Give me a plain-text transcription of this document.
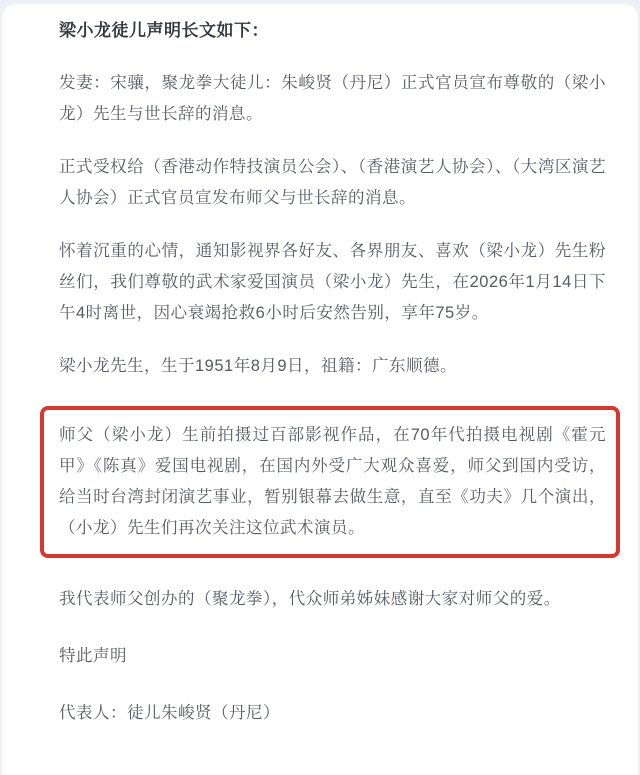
梁小龙徒儿声明长文如下：

发妻：宋骧，聚龙拳大徒儿：朱峻贤（丹尼）正式官员宣布尊敬的（梁小龙）先生与世长辞的消息。

正式受权给（香港动作特技演员公会）、（香港演艺人协会）、（大湾区演艺人协会）正式官员宣发布师父与世长辞的消息。

怀着沉重的心情，通知影视界各好友、各界朋友、喜欢（梁小龙）先生粉丝们，我们尊敬的武术家爱国演员（梁小龙）先生，在2026年1月14日下午4时离世，因心衰竭抢救6小时后安然告别，享年75岁。

梁小龙先生，生于1951年8月9日，祖籍：广东顺德。

师父（梁小龙）生前拍摄过百部影视作品，在70年代拍摄电视剧《霍元甲》《陈真》爱国电视剧，在国内外受广大观众喜爱，师父到国内受访，给当时台湾封闭演艺事业，暂别银幕去做生意，直至《功夫》几个演出，（小龙）先生们再次关注这位武术演员。

我代表师父创办的（聚龙拳），代众师弟姊妹感谢大家对师父的爱。

特此声明

代表人：徒儿朱峻贤（丹尼）
